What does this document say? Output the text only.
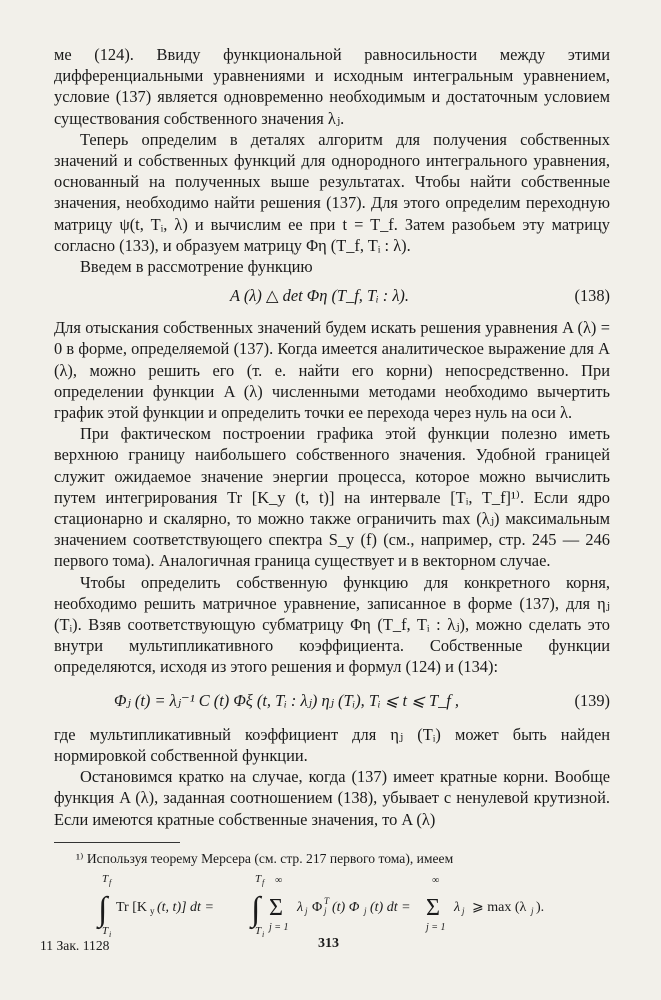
ме (124). Ввиду функциональной равносильности между этими дифференциальными уравнениями и исходным интегральным уравнением, условие (137) является одновременно необходимым и достаточным условием существования собственного значения λⱼ.

Теперь определим в деталях алгоритм для получения собственных значений и собственных функций для однородного интегрального уравнения, основанный на полученных выше результатах. Чтобы найти собственные значения, необходимо найти решения (137). Для этого определим переходную матрицу ψ(t, Tᵢ, λ) и вычислим ее при t = T_f. Затем разобьем эту матрицу согласно (133), и образуем матрицу Φη (T_f, Tᵢ : λ).

Введем в рассмотрение функцию

A (λ) △ det Φη (T_f, Tᵢ : λ).	(138)

Для отыскания собственных значений будем искать решения уравнения A (λ) = 0 в форме, определяемой (137). Когда имеется аналитическое выражение для A (λ), можно решить его (т. е. найти его корни) непосредственно. При определении функции A (λ) численными методами необходимо вычертить график этой функции и определить точки ее перехода через нуль на оси λ.

При фактическом построении графика этой функции полезно иметь верхнюю границу наибольшего собственного значения. Удобной границей служит ожидаемое значение энергии процесса, которое можно вычислить путем интегрирования Tr [K_y (t, t)] на интервале [Tᵢ, T_f]¹⁾. Если ядро стационарно и скалярно, то можно также ограничить max (λⱼ) максимальным значением соответствующего спектра S_y (f) (см., например, стр. 245 — 246 первого тома). Аналогичная граница существует и в векторном случае.

Чтобы определить собственную функцию для конкретного корня, необходимо решить матричное уравнение, записанное в форме (137), для ηⱼ (Tᵢ). Взяв соответствующую субматрицу Φη (T_f, Tᵢ : λⱼ), можно сделать это внутри мультипликативного коэффициента. Собственные функции определяются, исходя из этого решения и формул (124) и (134):

Φⱼ (t) = λⱼ⁻¹ C (t) Φξ (t, Tᵢ : λⱼ) ηⱼ (Tᵢ), Tᵢ ⩽ t ⩽ T_f ,	(139)

где мультипликативный коэффициент для ηⱼ (Tᵢ) может быть найден нормировкой собственной функции.

Остановимся кратко на случае, когда (137) имеет кратные корни. Вообще функция A (λ), заданная соотношением (138), убывает с ненулевой крутизной. Если имеются кратные собственные значения, то A (λ)

¹⁾ Используя теорему Мерсера (см. стр. 217 первого тома), имеем

T f
∫
T i
Tr [K y (t, t)] dt =
T f
∫
T i
∞
Σ
j = 1
λ j Φ T
j (t) Φ j (t) dt =
∞
Σ
j = 1
λ j ⩾ max (λ j ).
11 Зак. 1128	313
